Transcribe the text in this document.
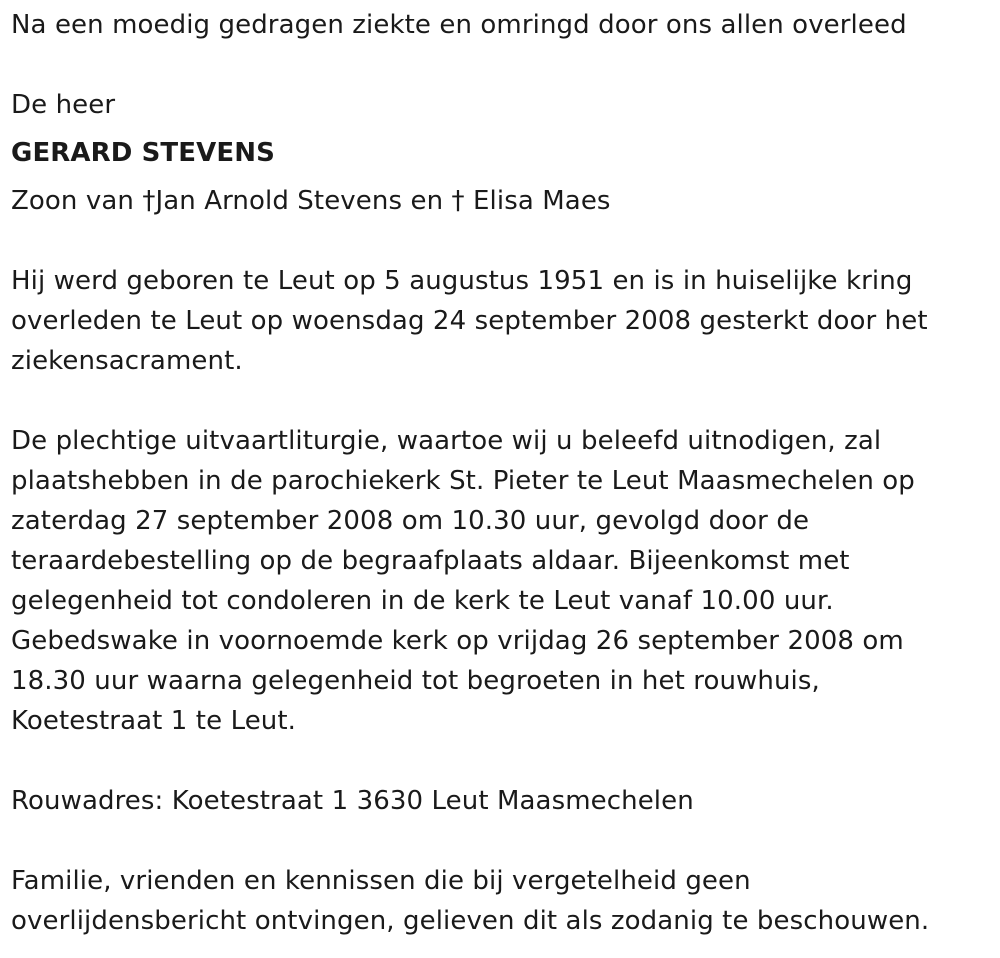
Na een moedig gedragen ziekte en omringd door ons allen overleed
De heer
GERARD STEVENS
Zoon van †Jan Arnold Stevens en † Elisa Maes
Hij werd geboren te Leut op 5 augustus 1951 en is in huiselijke kring
overleden te Leut op woensdag 24 september 2008 gesterkt door het
ziekensacrament.
De plechtige uitvaartliturgie, waartoe wij u beleefd uitnodigen, zal
plaatshebben in de parochiekerk St. Pieter te Leut Maasmechelen op
zaterdag 27 september 2008 om 10.30 uur, gevolgd door de
teraardebestelling op de begraafplaats aldaar. Bijeenkomst met
gelegenheid tot condoleren in de kerk te Leut vanaf 10.00 uur.
Gebedswake in voornoemde kerk op vrijdag 26 september 2008 om
18.30 uur waarna gelegenheid tot begroeten in het rouwhuis,
Koetestraat 1 te Leut.
Rouwadres: Koetestraat 1 3630 Leut Maasmechelen
Familie, vrienden en kennissen die bij vergetelheid geen
overlijdensbericht ontvingen, gelieven dit als zodanig te beschouwen.
